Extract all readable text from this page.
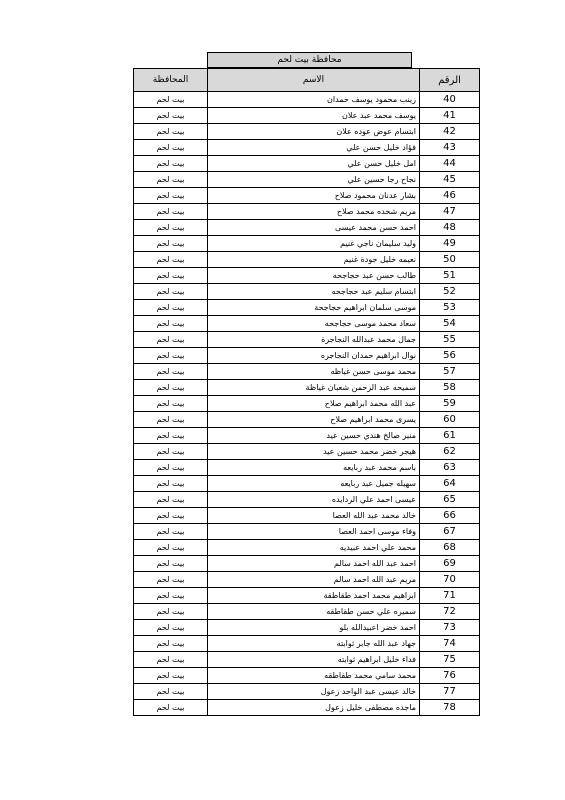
محافظة بيت لحم
المحافظة	الاسم	الرقم
بيت لحم	زينب محمود يوسف حمدان	40
بيت لحم	يوسف محمد عبد علان	41
بيت لحم	ابتسام عوض عوده علان	42
بيت لحم	فؤاد خليل حسن علي	43
بيت لحم	امل خليل حسن علي	44
بيت لحم	نجاح رجا حسين علي	45
بيت لحم	بشار عدنان محمود صلاح	46
بيت لحم	مريم شحده محمد صلاح	47
بيت لحم	احمد حسن محمد عيسى	48
بيت لحم	وليد سليمان ناجي غنيم	49
بيت لحم	نعيمه خليل جودة غنيم	50
بيت لحم	طالب حسن عبد حجاجحه	51
بيت لحم	ابتسام سليم عبد حجاجحه	52
بيت لحم	موسى سلمان ابراهيم حجاجحة	53
بيت لحم	سعاد محمد موسى حجاجحه	54
بيت لحم	جمال محمد عبدالله النجاجرة	55
بيت لحم	نوال ابراهيم حمدان النجاجره	56
بيت لحم	محمد موسى حسن غياظه	57
بيت لحم	سميحه عبد الرحمن شعبان غياظة	58
بيت لحم	عبد الله محمد ابراهيم صلاح	59
بيت لحم	يسرى محمد ابراهيم صلاح	60
بيت لحم	منير صالح هندي حسين عيد	61
بيت لحم	هيجر خضر محمد حسين عيد	62
بيت لحم	باسم محمد عبد ربايعه	63
بيت لحم	سهيله جميل عبد ربايعه	64
بيت لحم	عيسى احمد علي الردايده	65
بيت لحم	خالد محمد عبد الله العصا	66
بيت لحم	وفاء موسى احمد العصا	67
بيت لحم	محمد علي احمد عبيديه	68
بيت لحم	احمد عبد الله احمد سالم	69
بيت لحم	مريم عبد الله احمد سالم	70
بيت لحم	ابراهيم محمد احمد طقاطقة	71
بيت لحم	سميره علي حسن طقاطقه	72
بيت لحم	احمد خضر اعبيدالله بلو	73
بيت لحم	جهاد عبد الله جابر ثوابته	74
بيت لحم	فداء خليل ابراهيم ثوابته	75
بيت لحم	محمد سامي محمد طقاطقه	76
بيت لحم	خالد عيسى عبد الواحد زعول	77
بيت لحم	ماجده مصطفى خليل زعول	78
